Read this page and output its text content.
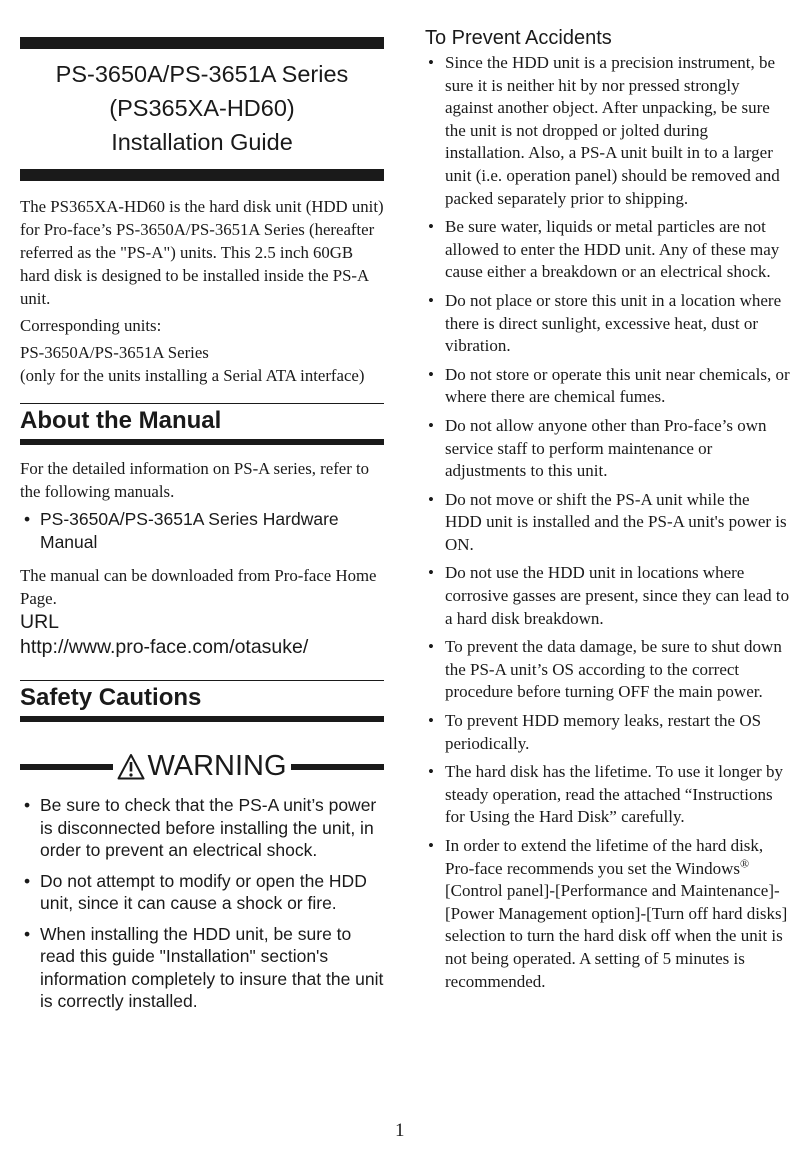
PS-3650A/PS-3651A Series
(PS365XA-HD60)
Installation Guide

The PS365XA-HD60 is the hard disk unit (HDD unit) for Pro-face’s PS-3650A/PS-3651A Series (hereafter referred as the "PS-A") units. This 2.5 inch 60GB hard disk is designed to be installed inside the PS-A unit.

Corresponding units:

PS-3650A/PS-3651A Series

(only for the units installing a Serial ATA interface)

About the Manual

For the detailed information on PS-A series, refer to the following manuals.

• PS-3650A/PS-3651A Series Hardware Manual

The manual can be downloaded from Pro-face Home Page.

URL
http://www.pro-face.com/otasuke/
Safety Cautions
WARNING
• Be sure to check that the PS-A unit’s power is disconnected before installing the unit, in order to prevent an electrical shock.
• Do not attempt to modify or open the HDD unit, since it can cause a shock or fire.
• When installing the HDD unit, be sure to read this guide "Installation" section's information completely to insure that the unit is correctly installed.
To Prevent Accidents
• Since the HDD unit is a precision instrument, be sure it is neither hit by nor pressed strongly against another object. After unpacking, be sure the unit is not dropped or jolted during installation. Also, a PS-A unit built in to a larger unit (i.e. operation panel) should be removed and packed separately prior to shipping.
• Be sure water, liquids or metal particles are not allowed to enter the HDD unit. Any of these may cause either a breakdown or an electrical shock.
• Do not place or store this unit in a location where there is direct sunlight, excessive heat, dust or vibration.
• Do not store or operate this unit near chemicals, or where there are chemical fumes.
• Do not allow anyone other than Pro-face’s own service staff to perform maintenance or adjustments to this unit.
• Do not move or shift the PS-A unit while the HDD unit is installed and the PS-A unit's power is ON.
• Do not use the HDD unit in locations where corrosive gasses are present, since they can lead to a hard disk breakdown.
• To prevent the data damage, be sure to shut down the PS-A unit’s OS according to the correct procedure before turning OFF the main power.
• To prevent HDD memory leaks, restart the OS periodically.
• The hard disk has the lifetime. To use it longer by steady operation, read the attached “Instructions for Using the Hard Disk” carefully.
• In order to extend the lifetime of the hard disk, Pro-face recommends you set the Windows® [Control panel]-[Performance and Maintenance]-[Power Management option]-[Turn off hard disks] selection to turn the hard disk off when the unit is not being operated. A setting of 5 minutes is recommended.
1
